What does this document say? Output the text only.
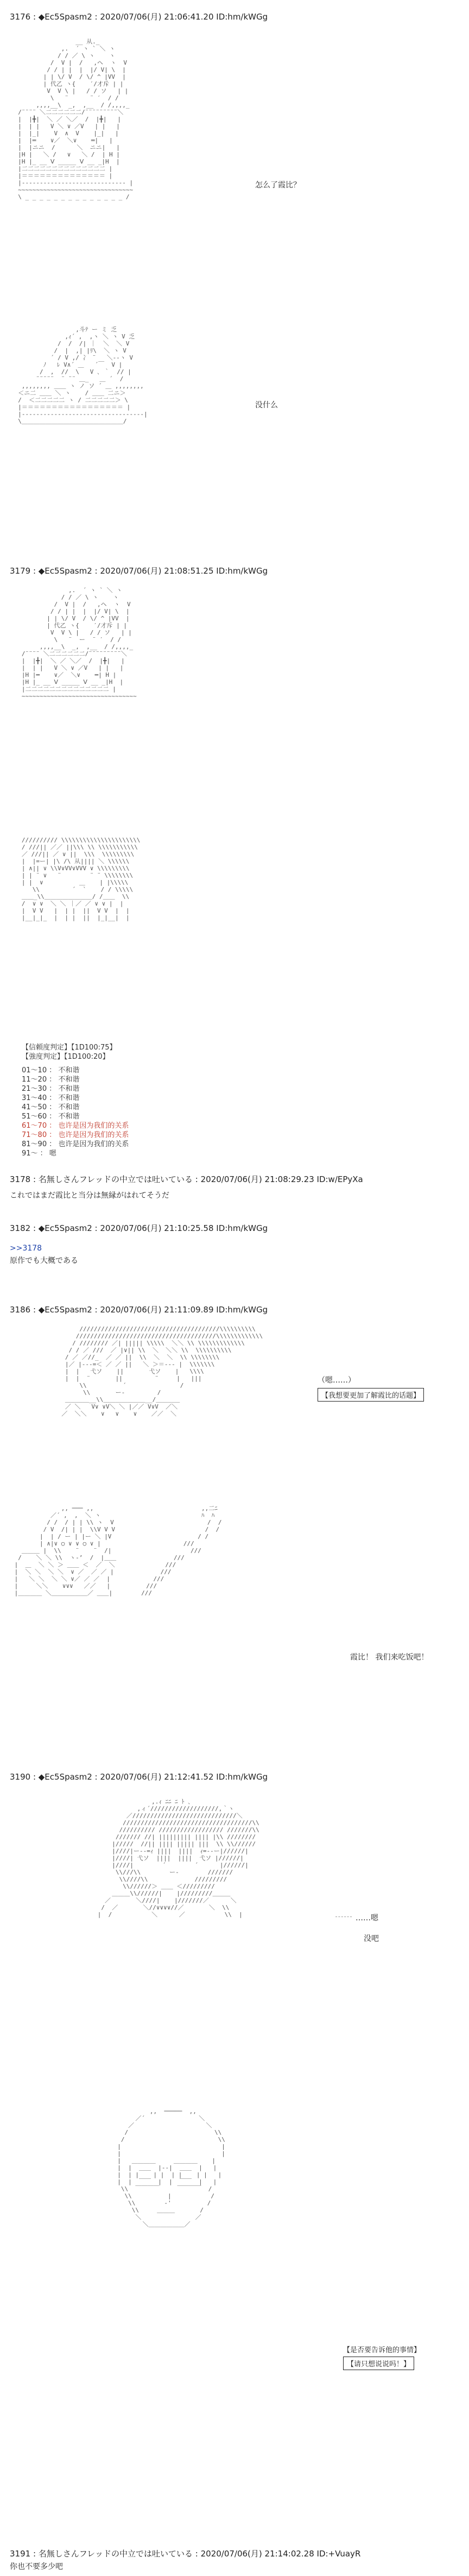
3176 : ◆Ec5Spasm2 : 2020/07/06(月) 21:06:41.20 ID:hm/kWGg
__ 从._
,.  ´ ヽ ` ＼ ヽ
/ / ／ \ ヽ    ヽ
/  V |  /   ,ヘ  ヽ  V
/ / | |  |  |/ V| \  |
| | \/ V  / \/ ^ |VV  |
| 代乙 ヽ{    ′/才斥 | |
V  V \ |   / / ソ   | |
\   ¨      ¨ ′  / /
,,,,__\  _,  ,__  / /,,,,_
/¨¨¨¨ ＼二二二二二二/¨¨¨¨¨¨¨¨¨＼
|  |╋|  ＼ ／ ＼／  /  |╋|   |
|  | |   V ＼ ∨ ／V   | |   |
|  |_|    V  ∧  V    |_|   |
|  |═    ∨／  ＼∨    ═|   |
|  |ニニ  /      ＼  ニニ|   |
|H |   ＼ /   ∨   ＼ /  | H |
|H |_ __ Ⅴ _____ Ⅴ __ _|H  |
|二二二二二二二二二二二二二二 |
|＝＝＝＝＝＝＝＝＝＝＝＝＝＝ |
|----------------------------- |
~~~~~~~~~~~~~~~~~~~~~~~~~~~~~~~~
\ _ _ _ _ _ _ _ _ _ _ _ _ _ _ /

怎么了霞比？
,斗ﾃ ー ミ 乏
,ｨ´ ,  ,ヽ ＼ ヽ V 乏
/  /  /| ｜  ＼  ＼ V
/  |  ,| |ﾘ\  ＼ ヽ V
´ / V ,/ 冫 ¨   ＼‐-ヽ V
ﾉ   ﾚ V∧´ ＿   ´￣  V |
/  ,  //  \   V ､ ｀  // |
¨¨¨¨¨  ¨ ¨¨ ＿_   ＿ ´  /
,,,,,,,, ＿＿ ヽ ノ ソ ´ ＿ ,,,,,,,,
＜ニ二 ＿＿ ＼ ヽ    / ＿＿ 二ニ＞
/  ＜二二二二二 ヽ / 二二二二二＞ \
|＝＝＝＝＝＝＝＝＝＝＝＝＝＝＝＝＝ |
|----------------------------------|
\＿＿＿＿＿＿＿＿＿＿＿＿＿＿＿＿＿/

没什么
3179 : ◆Ec5Spasm2 : 2020/07/06(月) 21:08:51.25 ID:hm/kWGg
,.  ´ ヽ ` ＼ ヽ
/ / ／ \ ヽ    ヽ
/  V |  /   ,ヘ  ヽ  V
/ / | |  |  |/ V| \  |
| | \/ V  / \/ ^ |VV  |
| 代乙 ヽ{    ′/才斥 | |
V  V \ |   / / ソ   | |
\   ¨  ー  ¨ ′  / /
,,,,__\  _,  ,__  / /,,,,_
/¨¨¨¨ ＼二二二二二二/¨¨¨¨¨¨¨¨¨＼
|  |╋|  ＼ ／ ＼／  /  |╋|   |
|  | |   V ＼ ∨ ／V   | |   |
|H |═    ∨／  ＼∨    ═| H |
|H |_ __ Ⅴ _____ Ⅴ __ _|H  |
|二二二二二二二二二二二二二二 |
~~~~~~~~~~~~~~~~~~~~~~~~~~~~~~~~

////////// \\\\\\\\\\\\\\\\\\\\\\
/ ///|| ／／ ||\\\ \\ \\\\\\\\\\\
／ ///|| ／ ∨ ||  \\\  \\\\\\\\\
|  |=ー| |\ /\ 从|||| ＼ \\\\\\
| ∧|| ∨ \\V∨VV∨VVV ∨ \\\\\\\\\
| | ¨ ∨   ¨        ¨ ¨ \\\\\\\\
| |  ∨          ＿    | |\\\\\
\\         ´  `    / / \\\\\
＿＿_\\＿＿＿＿＿＿＿＿/ /＿＿  \\
/  ∨ ∨  ＼ ＼ ｜／ ／ ∨ ∨ |  |
|  V V   |  | |  ||  V V  |  |
|__|_|_  |  | |  ||  |_|__|  |

【信頼度判定】【1D100:75】
【強度判定】【1D100:20】
01～10 ： 不和谐
11～20 ： 不和谐
21～30 ： 不和谐
31～40 ： 不和谐
41～50 ： 不和谐
51～60 ： 不和谐
61～70 ： 也许是因为我们的关系
71～80 ： 也许是因为我们的关系
81～90 ： 也许是因为我们的关系
91～ ： 嗯
3178 : 名無しさんフレッドの中立では吐いている : 2020/07/06(月) 21:08:29.23 ID:w/EPyXa
これではまだ霞比と当分は無縁がはれてそうだ
3182 : ◆Ec5Spasm2 : 2020/07/06(月) 21:10:25.58 ID:hm/kWGg
>>3178
原作でも大概である
3186 : ◆Ec5Spasm2 : 2020/07/06(月) 21:11:09.89 ID:hm/kWGg
///////////////////////////////////////\\\\\\\\\\
///////////////////////////////////////\\\\\\\\\\\\\
/ //////// ／| ||||| \\\\\  ＼＼ \\ \\\\\\\\\\\\\
/ / ／ ///  ／ |∨|| \\  ＼  ＼＼ \\  \\\\\\\\\\
/ ／ ／//_  ／ ／ ||  \\  ＼  ＼  \\ \\\\\\\\
|／ |‐--=＜ ／ ／ ||   ＼ ＞＝--‐ |  \\\\\\\
|  |   弋ソ    ||       弋ソ    |   \\\\
|  |  ¨       ||         ¨     |   |||
\\          ´               /
\\       ー‐         /
＿＿＿＿__\\＿＿＿＿＿＿＿__/＿＿＿＿
／ ＼   V∨ ∨V＼ ＼ |／／ V∨V  ／＼
／  ＼＼    ∨   ∨    ∨    ／／  ＼

（嗯……）
【我想要更加了解霞比的话题】
,, ─── ,,                              ,,二ﾆ
／´ ,  ,  ＼ ヽ                            ﾊ  ﾊ
/ /  / | | \\ ヽ  V                          /  /
/ V  /| | |  \\V V V                         /  /
|  | / ー | |ー ＼ |V                        / /
| ∧|∨ ○ ∨ ∨ ○ ∨ |                       ///
＿＿＿ |  \\    ¨    ¨  /|                      ///
/    ＼ ＼ \\  ヽ‐’  /  |＿＿                ///
|  ＿  ＼ ＼ ＞ ＿＿ ＜  ／  ＼              ///
|  ＼ ＼  ＼ ＼  ∨ ／  ／ ／ |             ///
|   ＼ ＼  ＼ ＼ ∨／ ／ ／  |            ///
|     ＼＼    ∨∨∨   ／／   |          ///
|＿＿＿＿ ＼＿＿＿＿＿＿／ ＿＿|        ///

霞比！ 我们来吃饭吧！
3190 : ◆Ec5Spasm2 : 2020/07/06(月) 21:12:41.52 ID:hm/kWGg
,.ｨ ﾆﾆ ﾆ ﾄ ､
,ィ´///////////////////,｀ヽ
／/////////////////////////////＼
////////////////////////////////////\\
////////// ////////////////// ///////\\
/////// //| ||||||||| |||| |\\ ////////
|/////  //|| |||| ||||| |||  \\ \\//////
|////|ー--=ｨ ||||  ||||  ｨ=--ー|//////|
|////| 弋ソ  ||||  ||||  弋ソ |//////|
|////|        ´        ´      |//////|
\\///\\        ー‐        ///////
\\////\\             /////////
\\//////＞ ＿＿ ＜/////////
＿＿＿\\//////|    |/////////＿＿＿
／       ＼////|    |///////／      ＼
/  ／       ＼//∨∨∨∨//／       ＼  \\
|  /           ＼      ／           \\  |
	……嗯
没吧
,,  ─────  ,,
／´               ＼
／                    ＼
/                        \\
/                          \\
|                            |
|                            |
|   ＿＿＿＿     ＿＿＿＿    |
|  |  ＿＿  |‐‐|  ＿＿  |   |
|  | |    | |  | |    | |   |
|  |  ￣￣  |  |  ￣￣  |   |
\\  ￣￣￣￣     ￣￣￣￣  /
\\          |           /
\\        ‐'          /
\\     ＿＿＿       /
＼               ／
＼＿＿＿＿＿＿／

【是否要告诉他的事情】
【请只想说说吗！】
3191 : 名無しさんフレッドの中立では吐いている : 2020/07/06(月) 21:14:02.28 ID:+VuayR
你也不要多少吧
